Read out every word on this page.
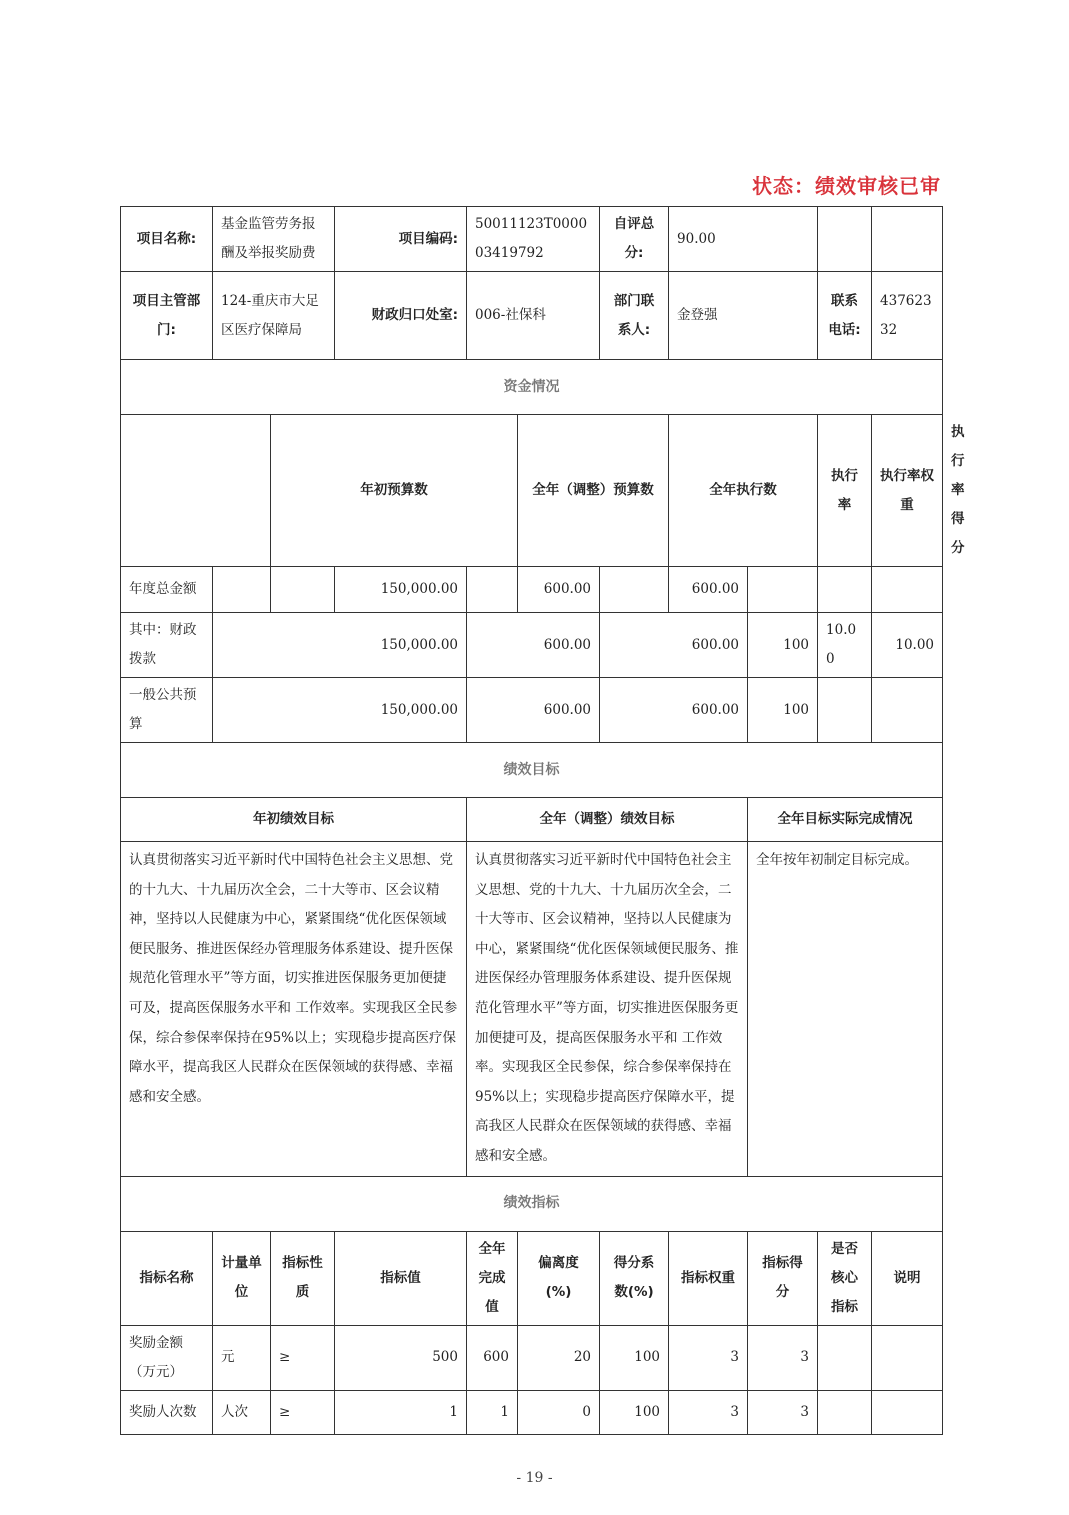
状态：绩效审核已审
项目名称:	基金监管劳务报酬及举报奖励费		项目编码:	50011123T000003419792		自评总分:	90.00				
项目主管部门:	124-重庆市大足区医疗保障局		财政归口处室:	006-社保科		部门联系人:	金登强		联系电话:	43762332	
资金情况											
		年初预算数			全年（调整）预算数		全年执行数		执行率	执行率权重	执行率得分
年度总金额			150,000.00		600.00		600.00				
其中：财政拨款	150,000.00			600.00		600.00		100	10.00	10.00	
一般公共预算	150,000.00			600.00		600.00		100			
绩效目标											
年初绩效目标				全年（调整）绩效目标				全年目标实际完成情况			
认真贯彻落实习近平新时代中国特色社会主义思想、党的十九大、十九届历次全会，二十大等市、区会议精神，坚持以人民健康为中心，紧紧围绕“优化医保领域便民服务、推进医保经办管理服务体系建设、提升医保规范化管理水平”等方面，切实推进医保服务更加便捷可及，提高医保服务水平和 工作效率。实现我区全民参保，综合参保率保持在95%以上；实现稳步提高医疗保障水平，提高我区人民群众在医保领域的获得感、幸福感和安全感。				认真贯彻落实习近平新时代中国特色社会主义思想、党的十九大、十九届历次全会，二十大等市、区会议精神，坚持以人民健康为中心，紧紧围绕“优化医保领域便民服务、推进医保经办管理服务体系建设、提升医保规范化管理水平”等方面，切实推进医保服务更加便捷可及，提高医保服务水平和 工作效率。实现我区全民参保，综合参保率保持在95%以上；实现稳步提高医疗保障水平，提高我区人民群众在医保领域的获得感、幸福感和安全感。				全年按年初制定目标完成。			
绩效指标											
指标名称	计量单位	指标性质	指标值	全年完成值	偏离度(%)	得分系数(%)	指标权重	指标得分	是否核心指标	说明	
奖励金额（万元）	元	≥	500	600	20	100	3	3			
奖励人次数	人次	≥	1	1	0	100	3	3			
- 19 -
